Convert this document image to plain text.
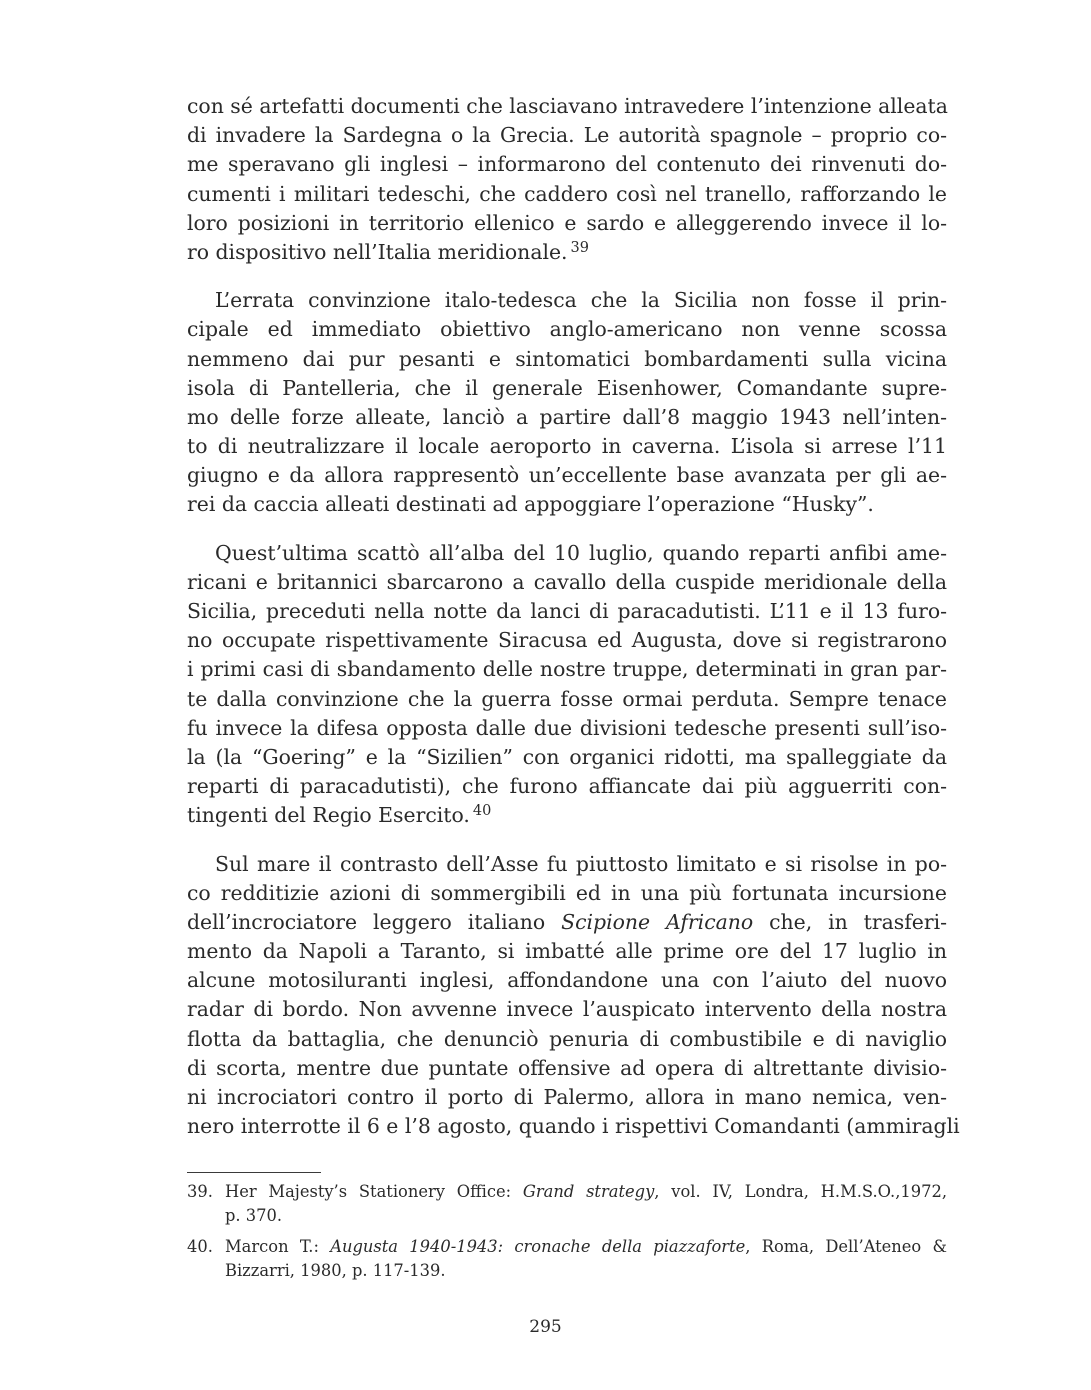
con sé artefatti documenti che lasciavano intravedere l’intenzione alleata
di invadere la Sardegna o la Grecia. Le autorità spagnole – proprio co-
me speravano gli inglesi – informarono del contenuto dei rinvenuti do-
cumenti i militari tedeschi, che caddero così nel tranello, rafforzando le
loro posizioni in territorio ellenico e sardo e alleggerendo invece il lo-
ro dispositivo nell’Italia meridionale. $^{39}$
L’errata convinzione italo-tedesca che la Sicilia non fosse il prin-
cipale ed immediato obiettivo anglo-americano non venne scossa
nemmeno dai pur pesanti e sintomatici bombardamenti sulla vicina
isola di Pantelleria, che il generale Eisenhower, Comandante supre-
mo delle forze alleate, lanciò a partire dall’8 maggio 1943 nell’inten-
to di neutralizzare il locale aeroporto in caverna. L’isola si arrese l’11
giugno e da allora rappresentò un’eccellente base avanzata per gli ae-
rei da caccia alleati destinati ad appoggiare l’operazione “Husky”.
Quest’ultima scattò all’alba del 10 luglio, quando reparti anfibi ame-
ricani e britannici sbarcarono a cavallo della cuspide meridionale della
Sicilia, preceduti nella notte da lanci di paracadutisti. L’11 e il 13 furo-
no occupate rispettivamente Siracusa ed Augusta, dove si registrarono
i primi casi di sbandamento delle nostre truppe, determinati in gran par-
te dalla convinzione che la guerra fosse ormai perduta. Sempre tenace
fu invece la difesa opposta dalle due divisioni tedesche presenti sull’iso-
la (la “Goering” e la “Sizilien” con organici ridotti, ma spalleggiate da
reparti di paracadutisti), che furono affiancate dai più agguerriti con-
tingenti del Regio Esercito. $^{40}$
Sul mare il contrasto dell’Asse fu piuttosto limitato e si risolse in po-
co redditizie azioni di sommergibili ed in una più fortunata incursione
dell’incrociatore leggero italiano Scipione Africano che, in trasferi-
mento da Napoli a Taranto, si imbatté alle prime ore del 17 luglio in
alcune motosiluranti inglesi, affondandone una con l’aiuto del nuovo
radar di bordo. Non avvenne invece l’auspicato intervento della nostra
flotta da battaglia, che denunciò penuria di combustibile e di naviglio
di scorta, mentre due puntate offensive ad opera di altrettante divisio-
ni incrociatori contro il porto di Palermo, allora in mano nemica, ven-
nero interrotte il 6 e l’8 agosto, quando i rispettivi Comandanti (ammiragli
39. Her Majesty’s Stationery Office: Grand strategy, vol. IV, Londra, H.M.S.O.,1972,
p. 370.
40. Marcon T.: Augusta 1940-1943: cronache della piazzaforte, Roma, Dell’Ateneo &
Bizzarri, 1980, p. 117-139.
295
